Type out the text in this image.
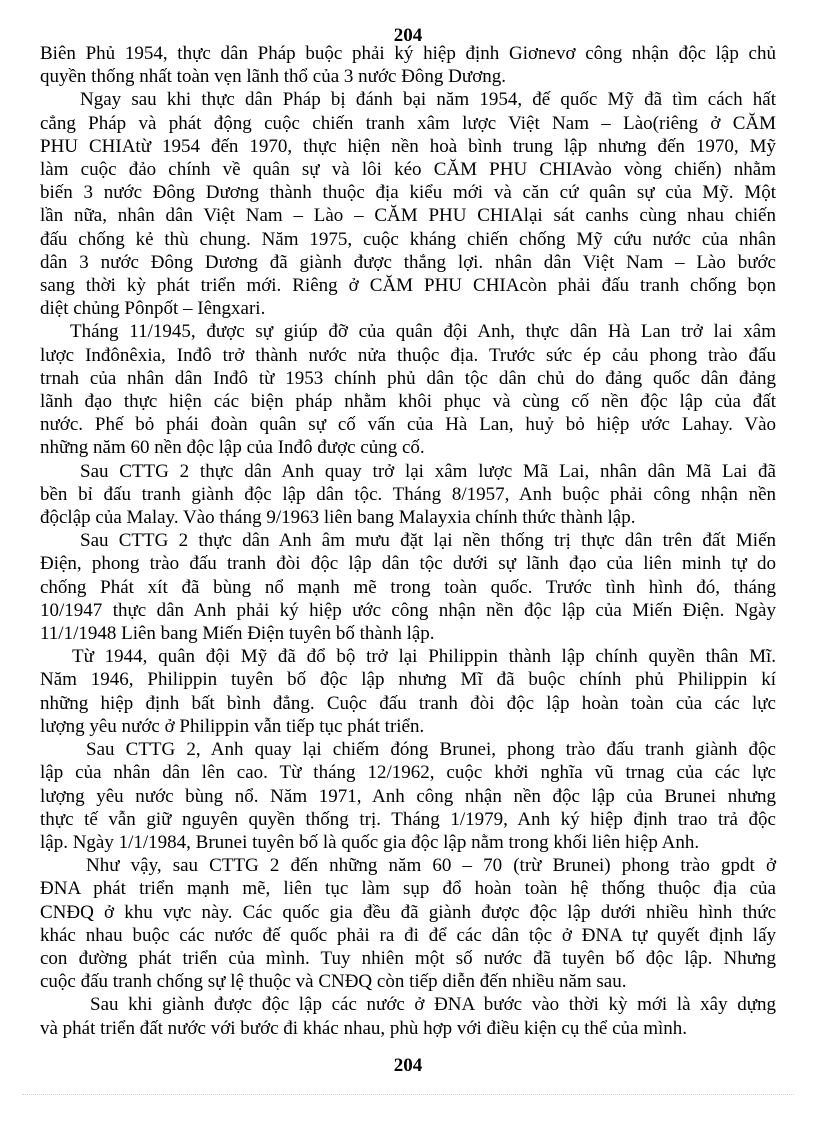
204
Biên Phủ 1954, thực dân Pháp buộc phải ký hiệp định Giơnevơ công nhận độc lập chủ
quyền thống nhất toàn vẹn lãnh thổ của 3 nước Đông Dương.
Ngay sau khi thực dân Pháp bị đánh bại năm 1954, đế quốc Mỹ đã tìm cách hất
cẳng Pháp và phát động cuộc chiến tranh xâm lược Việt Nam – Lào(riêng ở CĂM
PHU CHIAtừ 1954 đến 1970, thực hiện nền hoà bình trung lập nhưng đến 1970, Mỹ
làm cuộc đảo chính về quân sự và lôi kéo CĂM PHU CHIAvào vòng chiến) nhằm
biến 3 nước Đông Dương thành thuộc địa kiểu mới và căn cứ quân sự của Mỹ. Một
lần nữa, nhân dân Việt Nam – Lào – CĂM PHU CHIAlại sát canhs cùng nhau chiến
đấu chống kẻ thù chung. Năm 1975, cuộc kháng chiến chống Mỹ cứu nước của nhân
dân 3 nước Đông Dương đã giành được thắng lợi. nhân dân Việt Nam – Lào bước
sang thời kỳ phát triển mới. Riêng ở CĂM PHU CHIAcòn phải đấu tranh chống bọn
diệt chủng Pônpốt – Iêngxari.
Tháng 11/1945, được sự giúp đỡ của quân đội Anh, thực dân Hà Lan trở lai xâm
lược Inđônêxia, Inđô trở thành nước nửa thuộc địa. Trước sức ép cảu phong trào đấu
trnah của nhân dân Inđô từ 1953 chính phủ dân tộc dân chủ do đảng quốc dân đảng
lãnh đạo thực hiện các biện pháp nhằm khôi phục và cùng cố nền độc lập của đất
nước. Phế bỏ phái đoàn quân sự cố vấn của Hà Lan, huỷ bỏ hiệp ước Lahay. Vào
những năm 60 nền độc lập của Inđô được củng cố.
Sau CTTG 2 thực dân Anh quay trở lại xâm lược Mã Lai, nhân dân Mã Lai đã
bền bỉ đấu tranh giành độc lập dân tộc. Tháng 8/1957, Anh buộc phải công nhận nền
độclập của Malay. Vào tháng 9/1963 liên bang Malayxia chính thức thành lập.
Sau CTTG 2 thực dân Anh âm mưu đặt lại nền thống trị thực dân trên đất Miến
Điện, phong trào đấu tranh đòi độc lập dân tộc dưới sự lãnh đạo của liên minh tự do
chống Phát xít đã bùng nổ mạnh mẽ trong toàn quốc. Trước tình hình đó, tháng
10/1947 thực dân Anh phải ký hiệp ước công nhận nền độc lập của Miến Điện. Ngày
11/1/1948 Liên bang Miến Điện tuyên bố thành lập.
Từ 1944, quân đội Mỹ đã đổ bộ trở lại Philippin thành lập chính quyền thân Mĩ.
Năm 1946, Philippin tuyên bố độc lập nhưng Mĩ đã buộc chính phủ Philippin kí
những hiệp định bất bình đẳng. Cuộc đấu tranh đòi độc lập hoàn toàn của các lực
lượng yêu nước ở Philippin vẫn tiếp tục phát triển.
Sau CTTG 2, Anh quay lại chiếm đóng Brunei, phong trào đấu tranh giành độc
lập của nhân dân lên cao. Từ tháng 12/1962, cuộc khởi nghĩa vũ trnag của các lực
lượng yêu nước bùng nổ. Năm 1971, Anh công nhận nền độc lập của Brunei nhưng
thực tế vẫn giữ nguyên quyền thống trị. Tháng 1/1979, Anh ký hiệp định trao trả độc
lập. Ngày 1/1/1984, Brunei tuyên bố là quốc gia độc lập nằm trong khối liên hiệp Anh.
Như vậy, sau CTTG 2 đến những năm 60 – 70 (trừ Brunei) phong trào gpdt ở
ĐNA phát triển mạnh mẽ, liên tục làm sụp đổ hoàn toàn hệ thống thuộc địa của
CNĐQ ở khu vực này. Các quốc gia đều đã giành được độc lập dưới nhiều hình thức
khác nhau buộc các nước đế quốc phải ra đi để các dân tộc ở ĐNA tự quyết định lấy
con đường phát triển của mình. Tuy nhiên một số nước đã tuyên bố độc lập. Nhưng
cuộc đấu tranh chống sự lệ thuộc và CNĐQ còn tiếp diễn đến nhiều năm sau.
Sau khi giành được độc lập các nước ở ĐNA bước vào thời kỳ mới là xây dựng
và phát triển đất nước với bước đi khác nhau, phù hợp với điều kiện cụ thể của mình.
204
